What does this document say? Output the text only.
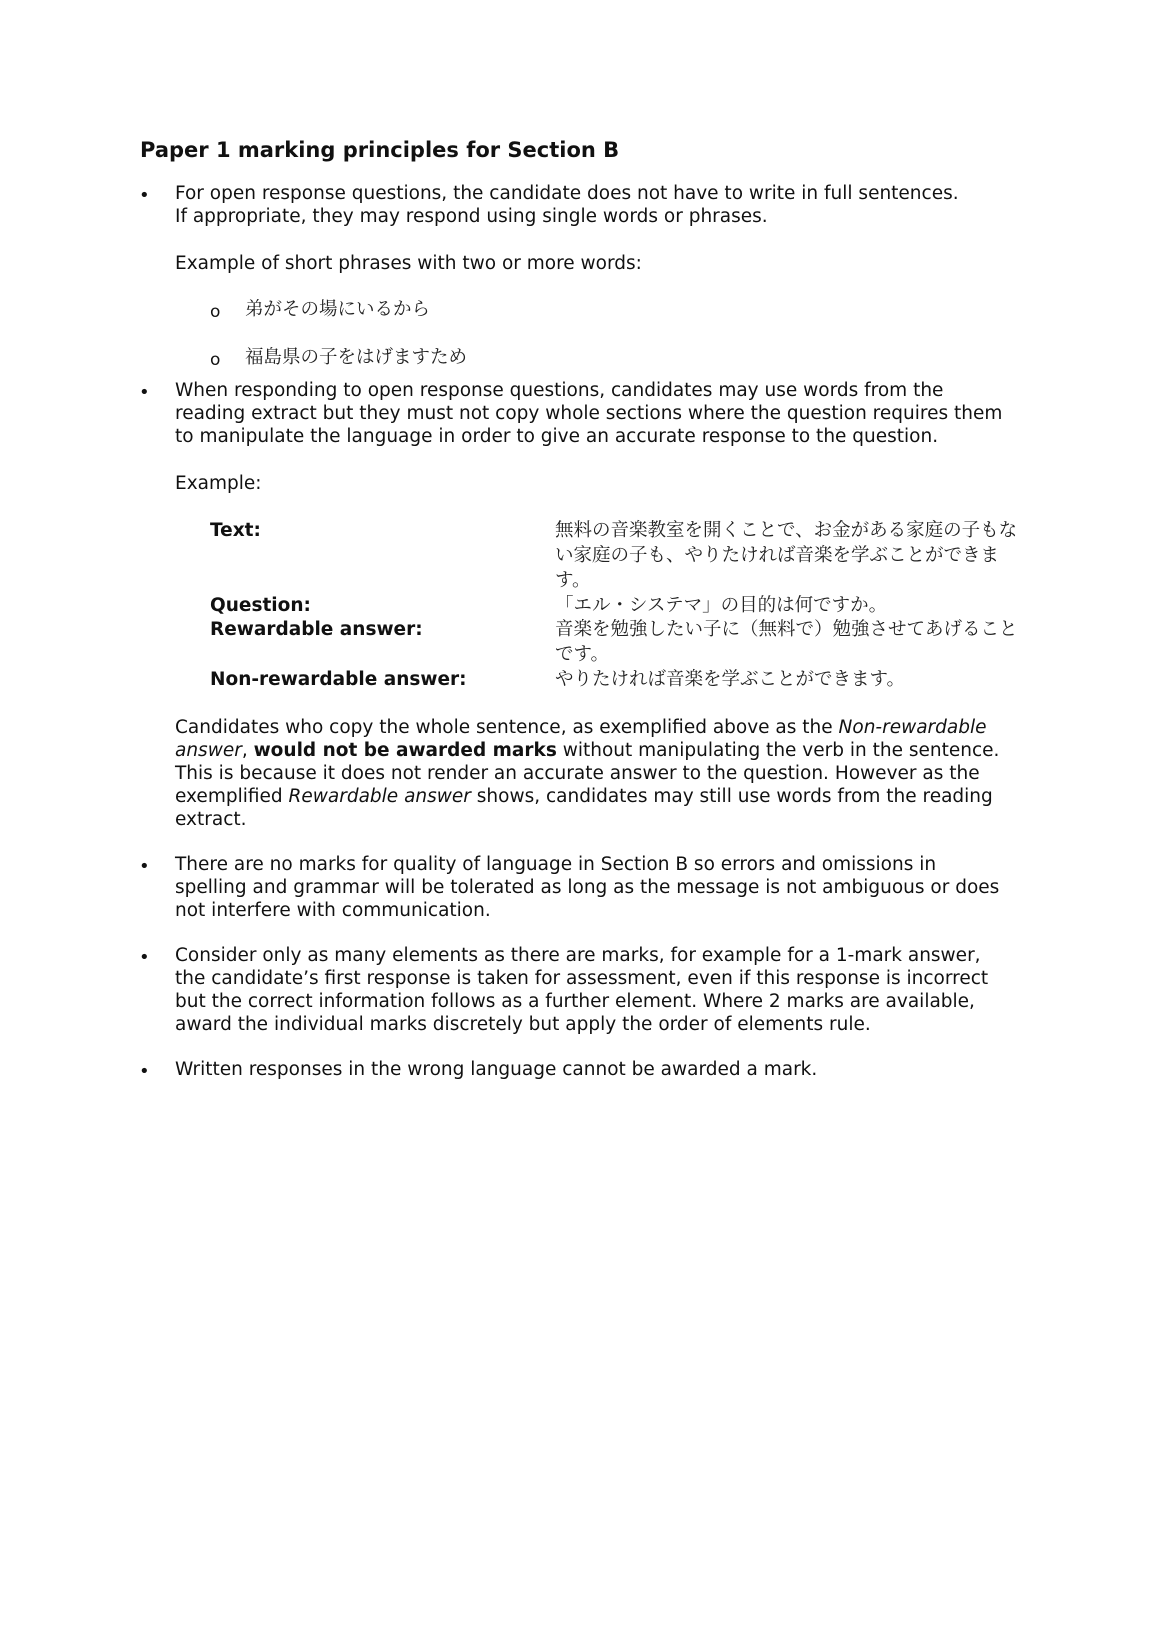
Paper 1 marking principles for Section B
• For open response questions, the candidate does not have to write in full sentences.

If appropriate, they may respond using single words or phrases.

Example of short phrases with two or more words:

o 弟がその場にいるから
o 福島県の子をはげますため
• When responding to open response questions, candidates may use words from the

reading extract but they must not copy whole sections where the question requires them

to manipulate the language in order to give an accurate response to the question.

Example:

Text:	無料の音楽教室を開くことで、お金がある家庭の子もな
い家庭の子も、やりたければ音楽を学ぶことができま
す。
Question:	「エル・システマ」の目的は何ですか。
Rewardable answer:	音楽を勉強したい子に（無料で）勉強させてあげること
です。
Non-rewardable answer:	やりたければ音楽を学ぶことができます。

Candidates who copy the whole sentence, as exemplified above as the Non-rewardable

answer, would not be awarded marks without manipulating the verb in the sentence.

This is because it does not render an accurate answer to the question. However as the

exemplified Rewardable answer shows, candidates may still use words from the reading

extract.

• There are no marks for quality of language in Section B so errors and omissions in

spelling and grammar will be tolerated as long as the message is not ambiguous or does

not interfere with communication.

• Consider only as many elements as there are marks, for example for a 1-mark answer,

the candidate’s first response is taken for assessment, even if this response is incorrect

but the correct information follows as a further element. Where 2 marks are available,

award the individual marks discretely but apply the order of elements rule.

• Written responses in the wrong language cannot be awarded a mark.
